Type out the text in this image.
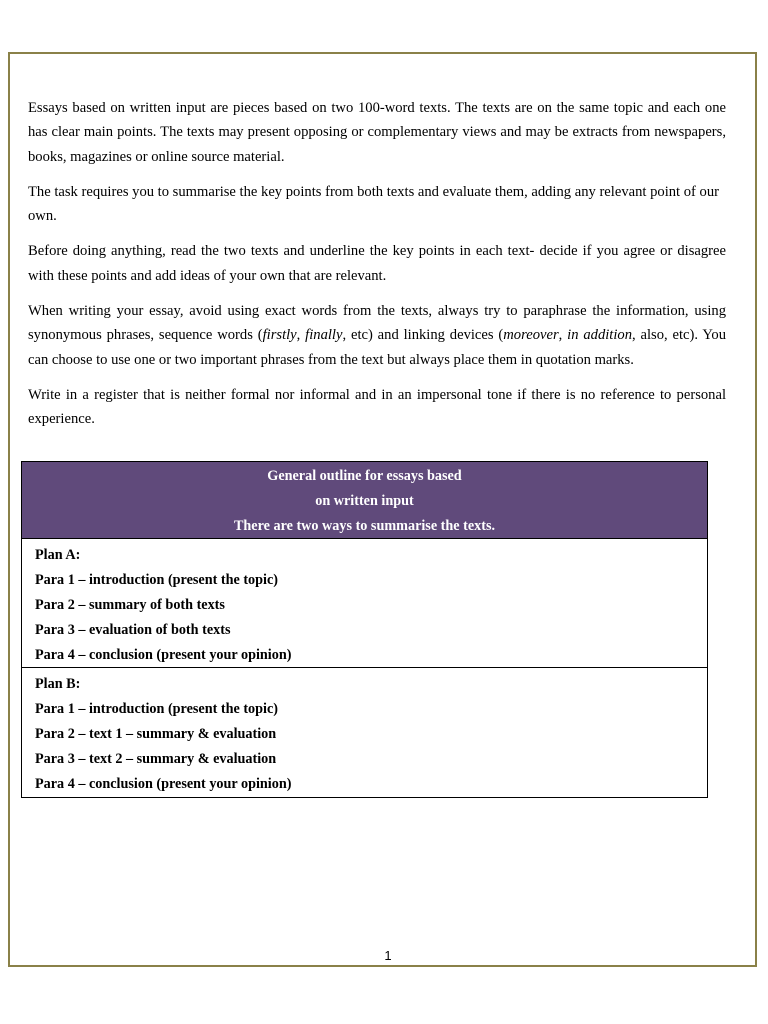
Essays based on written input are pieces based on two 100-word texts. The texts are on the same topic and each one has clear main points. The texts may present opposing or complementary views and may be extracts from newspapers, books, magazines or online source material.

The task requires you to summarise the key points from both texts and evaluate them, adding any relevant point of our own.

Before doing anything, read the two texts and underline the key points in each text- decide if you agree or disagree with these points and add ideas of your own that are relevant.

When writing your essay, avoid using exact words from the texts, always try to paraphrase the information, using synonymous phrases, sequence words (firstly, finally, etc) and linking devices (moreover, in addition, also, etc). You can choose to use one or two important phrases from the text but always place them in quotation marks.

Write in a register that is neither formal nor informal and in an impersonal tone if there is no reference to personal experience.

General outline for essays based
on written input
There are two ways to summarise the texts.
Plan A:
Para 1 – introduction (present the topic)
Para 2 – summary of both texts
Para 3 – evaluation of both texts
Para 4 – conclusion (present your opinion)
Plan B:
Para 1 – introduction (present the topic)
Para 2 – text 1 – summary & evaluation
Para 3 – text 2 – summary & evaluation
Para 4 – conclusion (present your opinion)
1
